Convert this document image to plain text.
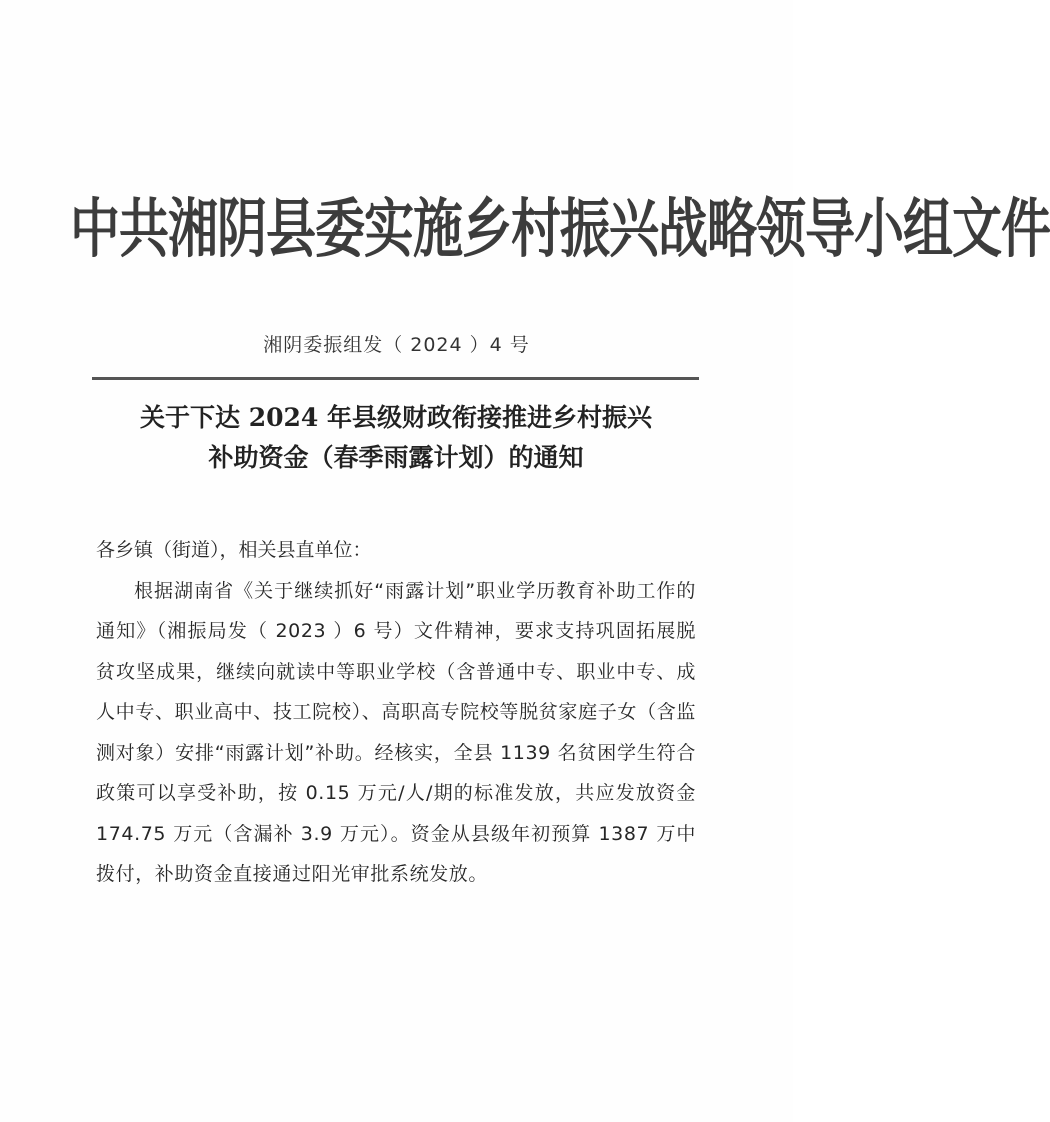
中共湘阴县委实施乡村振兴战略领导小组文件
湘阴委振组发（ 2024 ）4 号
关于下达 2024 年县级财政衔接推进乡村振兴
补助资金（春季雨露计划）的通知

各乡镇（街道），相关县直单位：

根据湖南省《关于继续抓好“雨露计划”职业学历教育补助工作的通知》（湘振局发（ 2023 ）6 号）文件精神，要求支持巩固拓展脱贫攻坚成果，继续向就读中等职业学校（含普通中专、职业中专、成人中专、职业高中、技工院校）、高职高专院校等脱贫家庭子女（含监测对象）安排“雨露计划”补助。经核实，全县 1139 名贫困学生符合政策可以享受补助，按 0.15 万元/人/期的标准发放，共应发放资金 174.75 万元（含漏补 3.9 万元）。资金从县级年初预算 1387 万中拨付，补助资金直接通过阳光审批系统发放。
